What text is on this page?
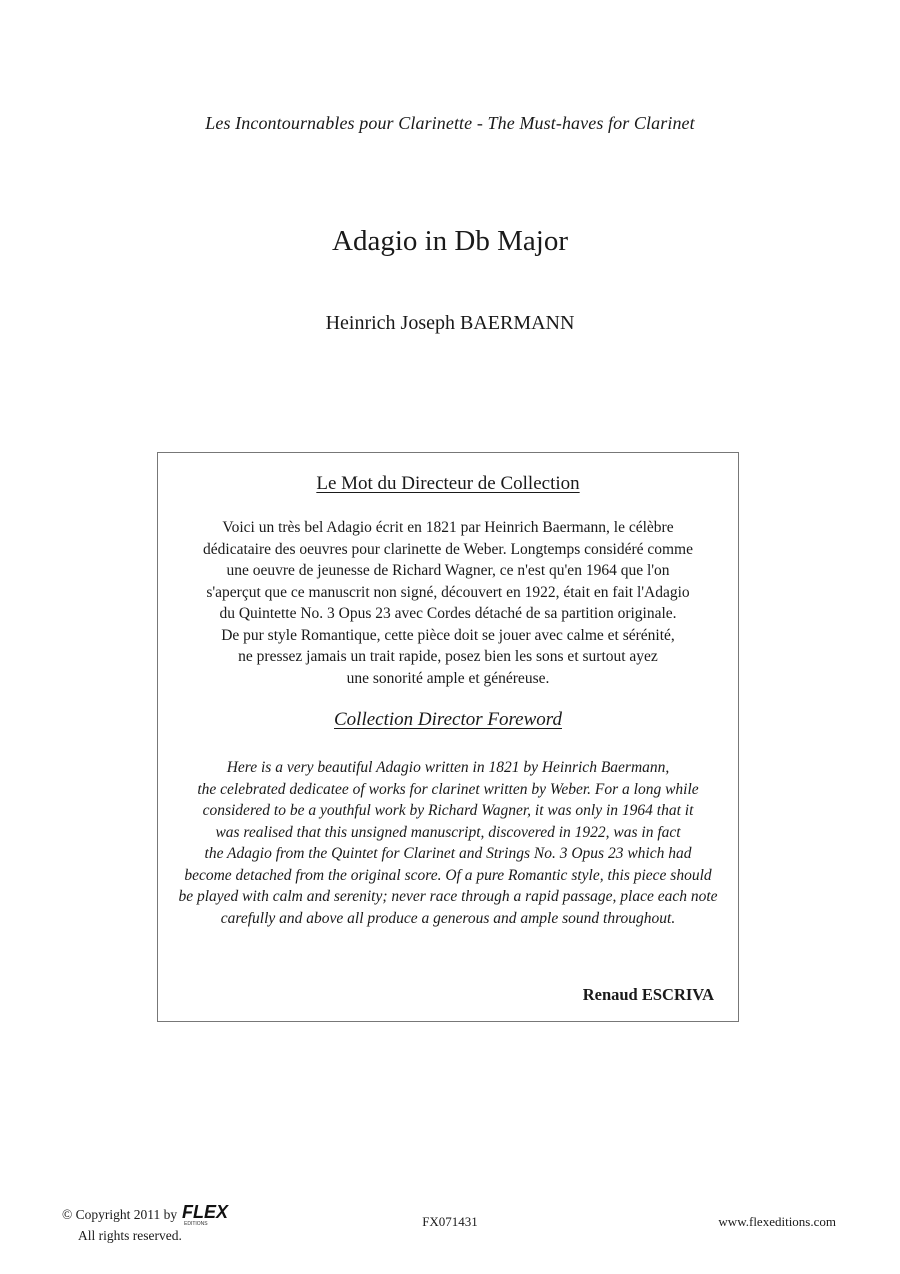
Les Incontournables pour Clarinette - The Must-haves for Clarinet
Adagio in Db Major
Heinrich Joseph BAERMANN
Le Mot du Directeur de Collection
Voici un très bel Adagio écrit en 1821 par Heinrich Baermann, le célèbre
dédicataire des oeuvres pour clarinette de Weber. Longtemps considéré comme
une oeuvre de jeunesse de Richard Wagner, ce n'est qu'en 1964 que l'on
s'aperçut que ce manuscrit non signé, découvert en 1922, était en fait l'Adagio
du Quintette No. 3 Opus 23 avec Cordes détaché de sa partition originale.
De pur style Romantique, cette pièce doit se jouer avec calme et sérénité,
ne pressez jamais un trait rapide, posez bien les sons et surtout ayez
une sonorité ample et généreuse.
Collection Director Foreword
Here is a very beautiful Adagio written in 1821 by Heinrich Baermann,
the celebrated dedicatee of works for clarinet written by Weber. For a long while
considered to be a youthful work by Richard Wagner, it was only in 1964 that it
was realised that this unsigned manuscript, discovered in 1922, was in fact
the Adagio from the Quintet for Clarinet and Strings No. 3 Opus 23 which had
become detached from the original score. Of a pure Romantic style, this piece should
be played with calm and serenity; never race through a rapid passage, place each note
carefully and above all produce a generous and ample sound throughout.
Renaud ESCRIVA
© Copyright 2011 by FLEX
EDITIONS
All rights reserved.
FX071431	www.flexeditions.com
